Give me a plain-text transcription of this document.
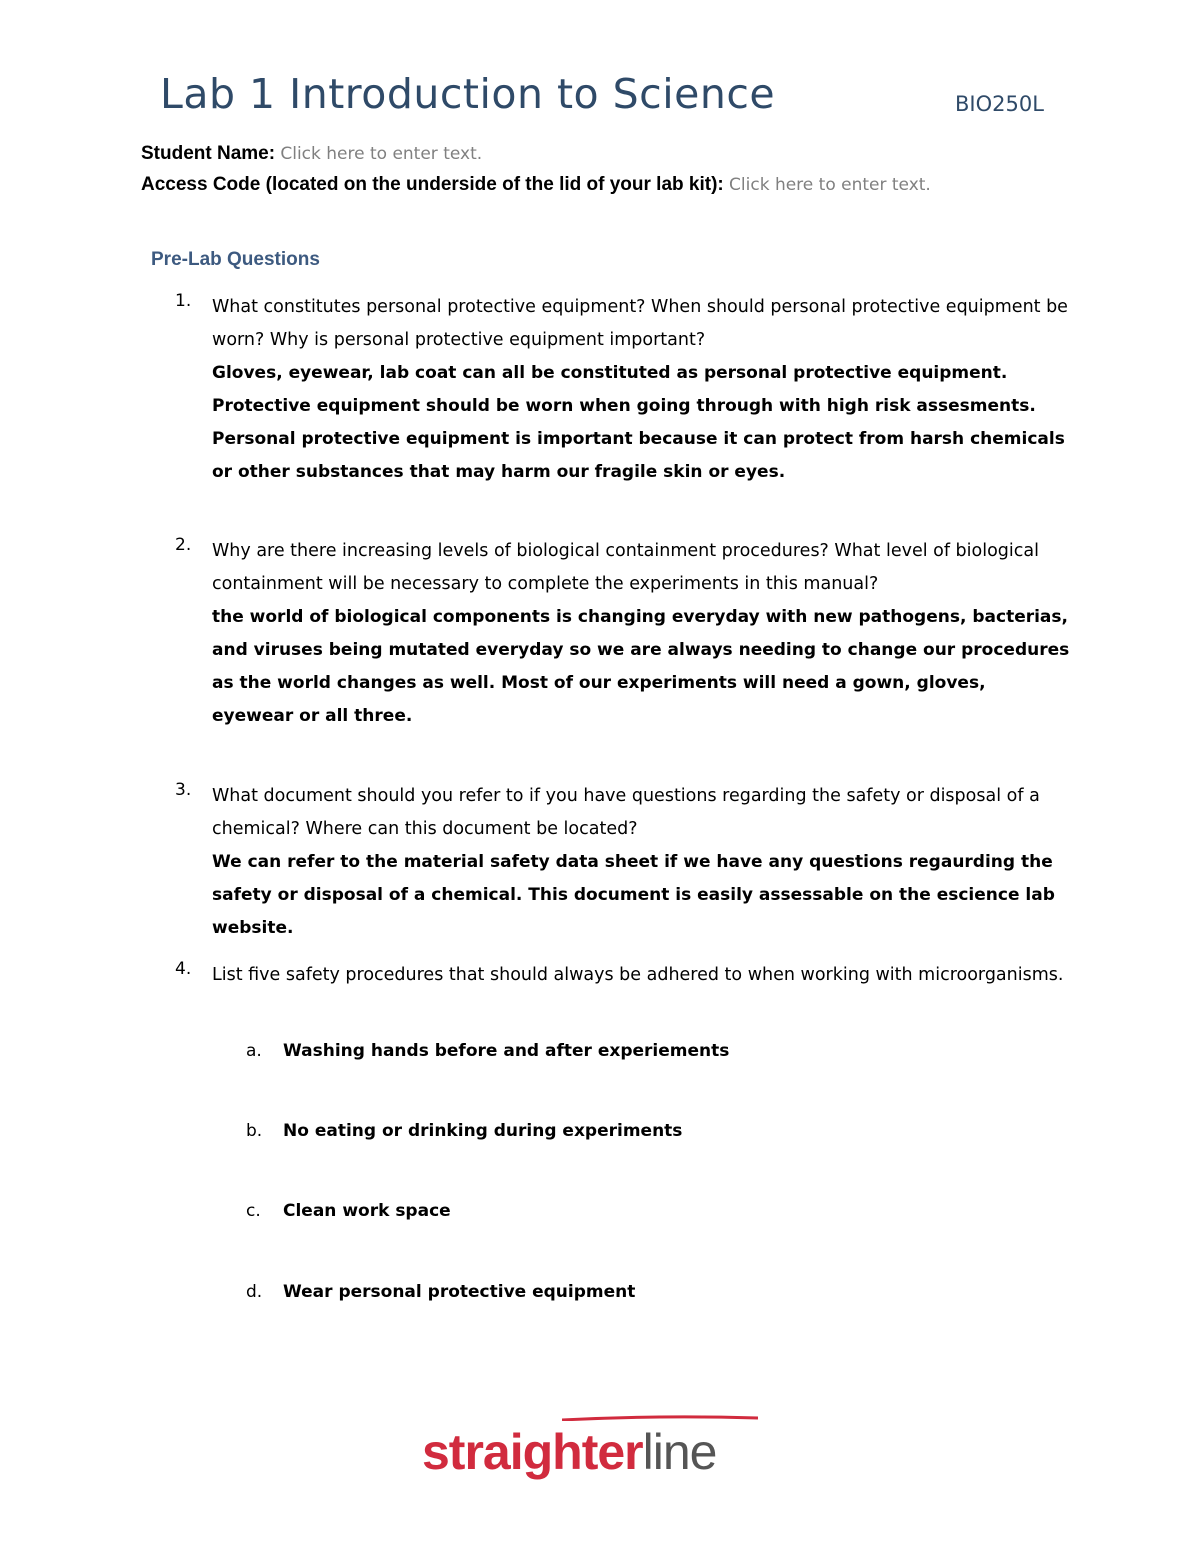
Lab 1 Introduction to Science	BIO250L
Student Name: Click here to enter text.
Access Code (located on the underside of the lid of your lab kit): Click here to enter text.
Pre-Lab Questions
1. What constitutes personal protective equipment? When should personal protective equipment be worn? Why is personal protective equipment important?
Gloves, eyewear, lab coat can all be constituted as personal protective equipment. Protective equipment should be worn when going through with high risk assesments. Personal protective equipment is important because it can protect from harsh chemicals or other substances that may harm our fragile skin or eyes.
2. Why are there increasing levels of biological containment procedures? What level of biological containment will be necessary to complete the experiments in this manual?
the world of biological components is changing everyday with new pathogens, bacterias, and viruses being mutated everyday so we are always needing to change our procedures as the world changes as well. Most of our experiments will need a gown, gloves, eyewear or all three.
3. What document should you refer to if you have questions regarding the safety or disposal of a chemical? Where can this document be located?
We can refer to the material safety data sheet if we have any questions regaurding the safety or disposal of a chemical. This document is easily assessable on the escience lab website.
4. List five safety procedures that should always be adhered to when working with microorganisms.
a. Washing hands before and after experiements
b. No eating or drinking during experiments
c. Clean work space
d. Wear personal protective equipment
straighterline
